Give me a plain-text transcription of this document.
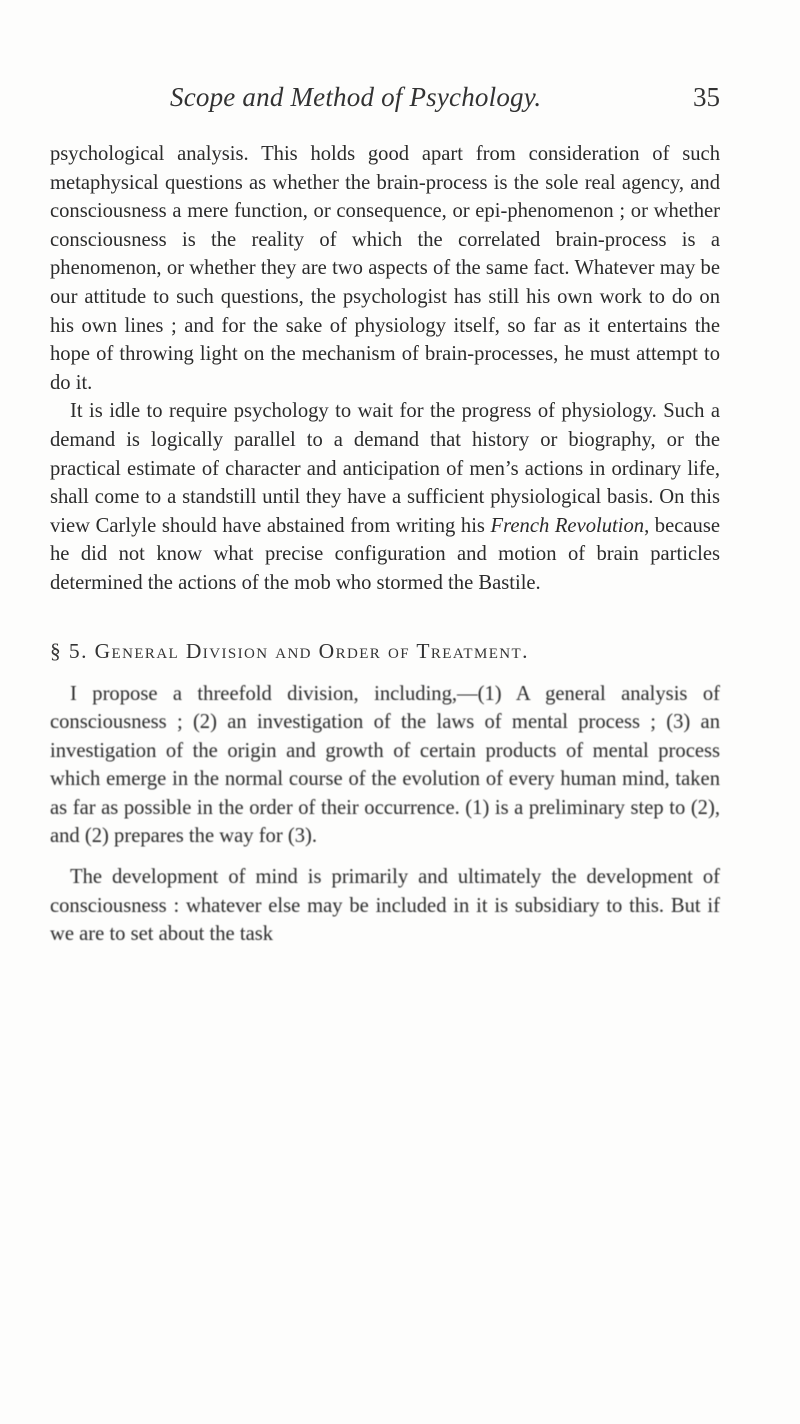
Scope and Method of Psychology.	35

psychological analysis. This holds good apart from consideration of such metaphysical questions as whether the brain-process is the sole real agency, and consciousness a mere function, or consequence, or epi-phenomenon ; or whether consciousness is the reality of which the correlated brain-process is a phenomenon, or whether they are two aspects of the same fact. Whatever may be our attitude to such questions, the psychologist has still his own work to do on his own lines ; and for the sake of physiology itself, so far as it entertains the hope of throwing light on the mechanism of brain-processes, he must attempt to do it.

It is idle to require psychology to wait for the progress of physiology. Such a demand is logically parallel to a demand that history or biography, or the practical estimate of character and anticipation of men’s actions in ordinary life, shall come to a standstill until they have a sufficient physiological basis. On this view Carlyle should have abstained from writing his French Revolution, because he did not know what precise configuration and motion of brain particles determined the actions of the mob who stormed the Bastile.

§ 5. General Division and Order of Treatment.

I propose a threefold division, including,—(1) A general analysis of consciousness ; (2) an investigation of the laws of mental process ; (3) an investigation of the origin and growth of certain products of mental process which emerge in the normal course of the evolution of every human mind, taken as far as possible in the order of their occurrence. (1) is a preliminary step to (2), and (2) prepares the way for (3).

The development of mind is primarily and ultimately the development of consciousness : whatever else may be included in it is subsidiary to this. But if we are to set about the task
